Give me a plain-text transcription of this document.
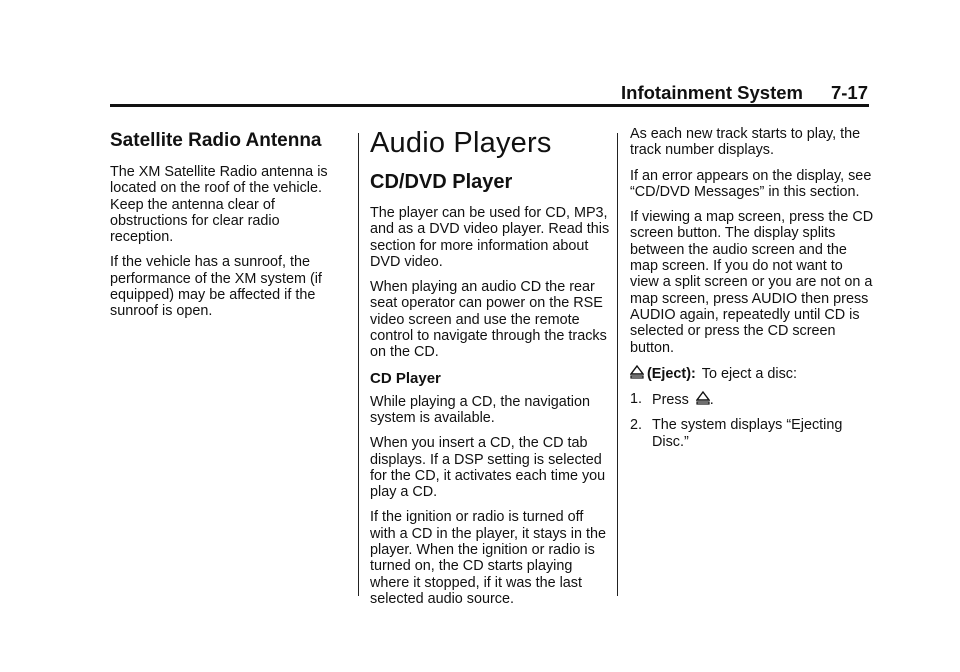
Infotainment System 7-17
Satellite Radio Antenna

The XM Satellite Radio antenna is located on the roof of the vehicle. Keep the antenna clear of obstructions for clear radio reception.

If the vehicle has a sunroof, the performance of the XM system (if equipped) may be affected if the sunroof is open.

Audio Players
CD/DVD Player

The player can be used for CD, MP3, and as a DVD video player. Read this section for more information about DVD video.

When playing an audio CD the rear seat operator can power on the RSE video screen and use the remote control to navigate through the tracks on the CD.

CD Player

While playing a CD, the navigation system is available.

When you insert a CD, the CD tab displays. If a DSP setting is selected for the CD, it activates each time you play a CD.

If the ignition or radio is turned off with a CD in the player, it stays in the player. When the ignition or radio is turned on, the CD starts playing where it stopped, if it was the last selected audio source.

As each new track starts to play, the track number displays.

If an error appears on the display, see “CD/DVD Messages” in this section.

If viewing a map screen, press the CD screen button. The display splits between the audio screen and the map screen. If you do not want to view a split screen or you are not on a map screen, press AUDIO then press AUDIO again, repeatedly until CD is selected or press the CD screen button.

(Eject): To eject a disc:

1. Press .
2. The system displays “Ejecting Disc.”
